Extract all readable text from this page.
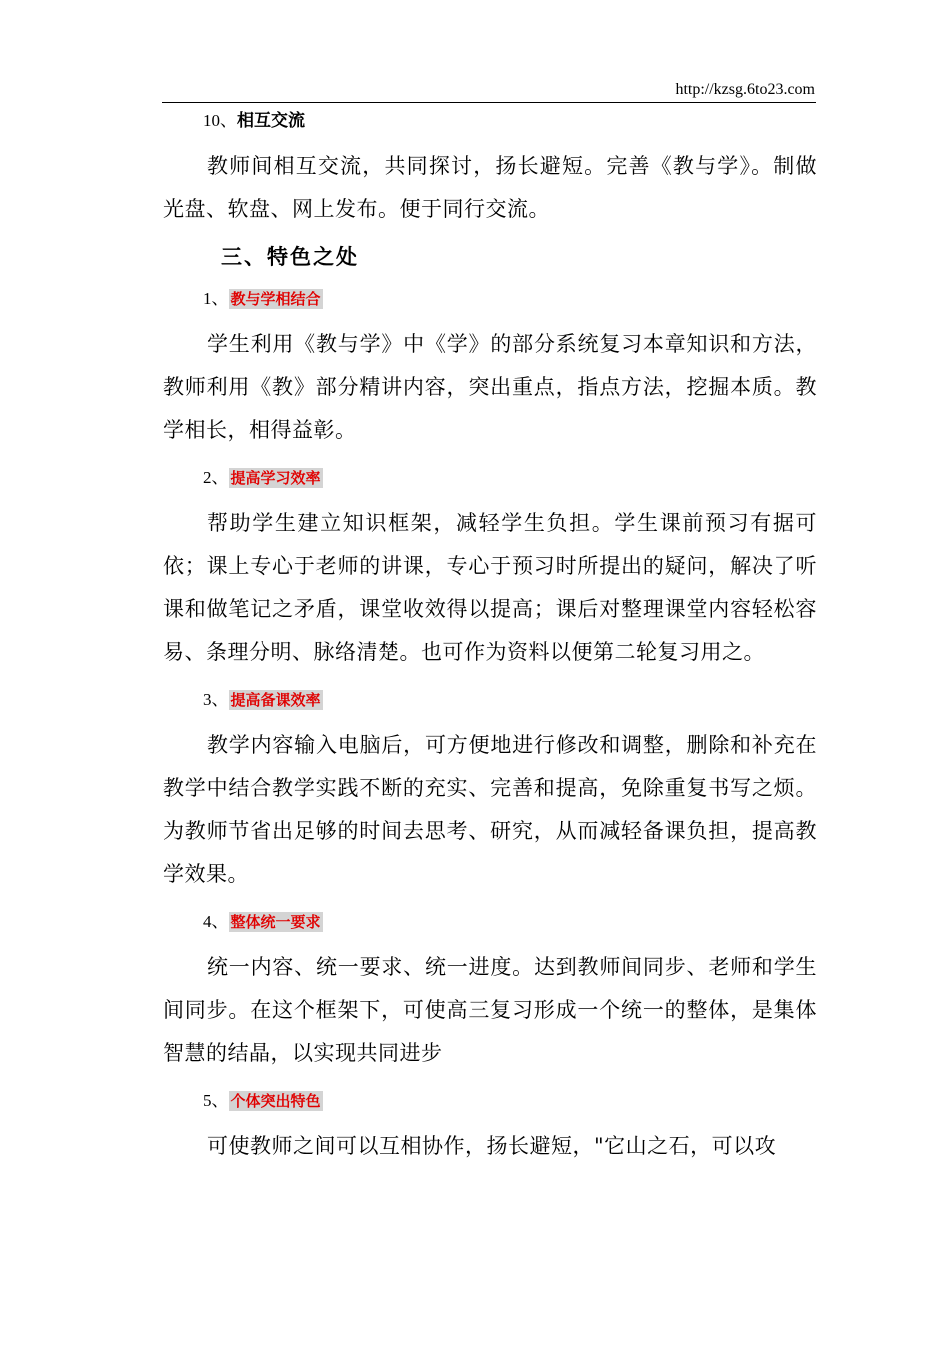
http://kzsg.6to23.com

10、相互交流

教师间相互交流，共同探讨，扬长避短。完善《教与学》。制做光盘、软盘、网上发布。便于同行交流。

三、特色之处

1、 教与学相结合

学生利用《教与学》中《学》的部分系统复习本章知识和方法，教师利用《教》部分精讲内容，突出重点，指点方法，挖掘本质。教学相长，相得益彰。

2、 提高学习效率

帮助学生建立知识框架，减轻学生负担。学生课前预习有据可依；课上专心于老师的讲课，专心于预习时所提出的疑问，解决了听课和做笔记之矛盾，课堂收效得以提高；课后对整理课堂内容轻松容易、条理分明、脉络清楚。也可作为资料以便第二轮复习用之。

3、 提高备课效率

教学内容输入电脑后，可方便地进行修改和调整，删除和补充在教学中结合教学实践不断的充实、完善和提高，免除重复书写之烦。为教师节省出足够的时间去思考、研究，从而减轻备课负担，提高教学效果。

4、 整体统一要求

统一内容、统一要求、统一进度。达到教师间同步、老师和学生间同步。在这个框架下，可使高三复习形成一个统一的整体，是集体智慧的结晶，以实现共同进步

5、 个体突出特色

可使教师之间可以互相协作，扬长避短，"它山之石，可以攻
